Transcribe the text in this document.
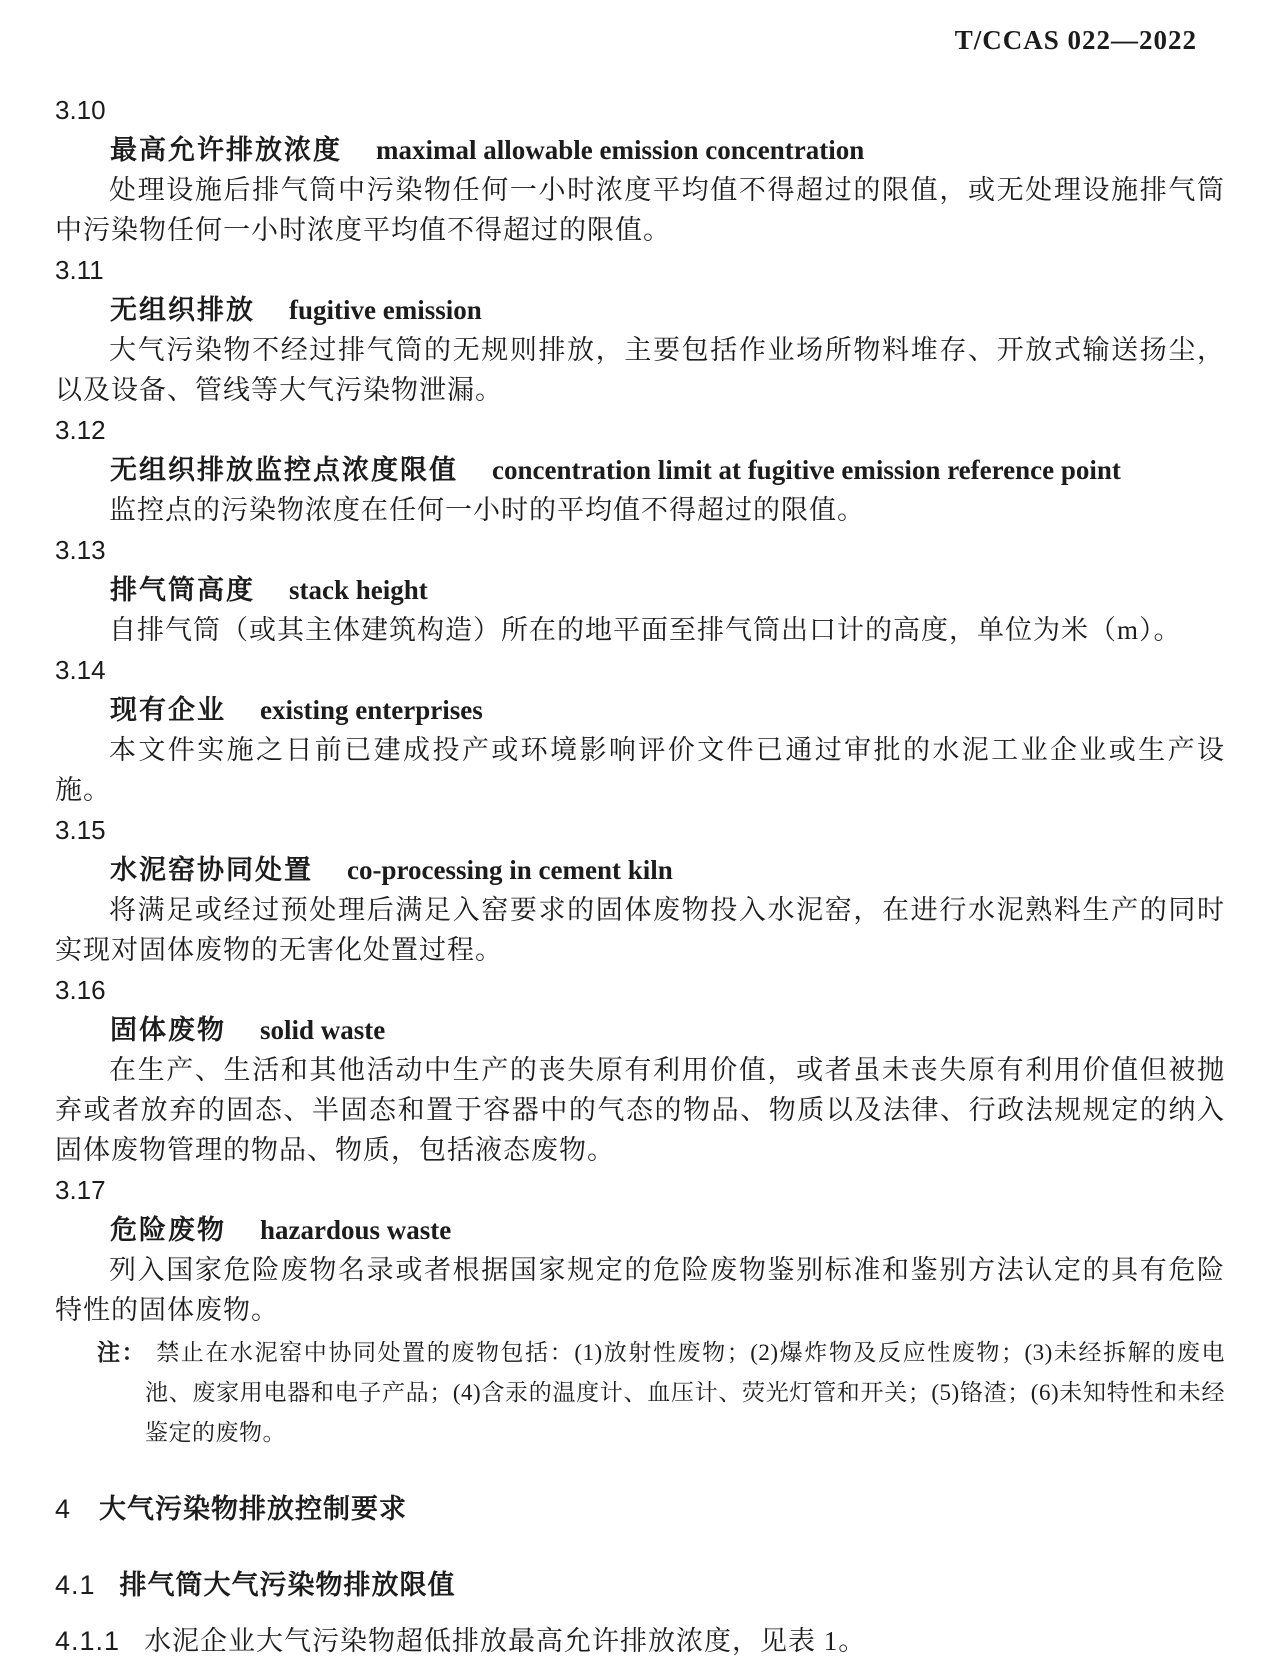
T/CCAS 022—2022
3.10
最高允许排放浓度 maximal allowable emission concentration

处理设施后排气筒中污染物任何一小时浓度平均值不得超过的限值，或无处理设施排气筒中污染物任何一小时浓度平均值不得超过的限值。

3.11
无组织排放 fugitive emission

大气污染物不经过排气筒的无规则排放，主要包括作业场所物料堆存、开放式输送扬尘，以及设备、管线等大气污染物泄漏。

3.12
无组织排放监控点浓度限值 concentration limit at fugitive emission reference point

监控点的污染物浓度在任何一小时的平均值不得超过的限值。

3.13
排气筒高度 stack height

自排气筒（或其主体建筑构造）所在的地平面至排气筒出口计的高度，单位为米（m）。

3.14
现有企业 existing enterprises

本文件实施之日前已建成投产或环境影响评价文件已通过审批的水泥工业企业或生产设施。

3.15
水泥窑协同处置 co-processing in cement kiln

将满足或经过预处理后满足入窑要求的固体废物投入水泥窑，在进行水泥熟料生产的同时实现对固体废物的无害化处置过程。

3.16
固体废物 solid waste

在生产、生活和其他活动中生产的丧失原有利用价值，或者虽未丧失原有利用价值但被抛弃或者放弃的固态、半固态和置于容器中的气态的物品、物质以及法律、行政法规规定的纳入固体废物管理的物品、物质，包括液态废物。

3.17
危险废物 hazardous waste

列入国家危险废物名录或者根据国家规定的危险废物鉴别标准和鉴别方法认定的具有危险特性的固体废物。

注： 禁止在水泥窑中协同处置的废物包括：(1)放射性废物；(2)爆炸物及反应性废物；(3)未经拆解的废电池、废家用电器和电子产品；(4)含汞的温度计、血压计、荧光灯管和开关；(5)铬渣；(6)未知特性和未经鉴定的废物。

4 大气污染物排放控制要求
4.1 排气筒大气污染物排放限值
4.1.1 水泥企业大气污染物超低排放最高允许排放浓度，见表 1。
